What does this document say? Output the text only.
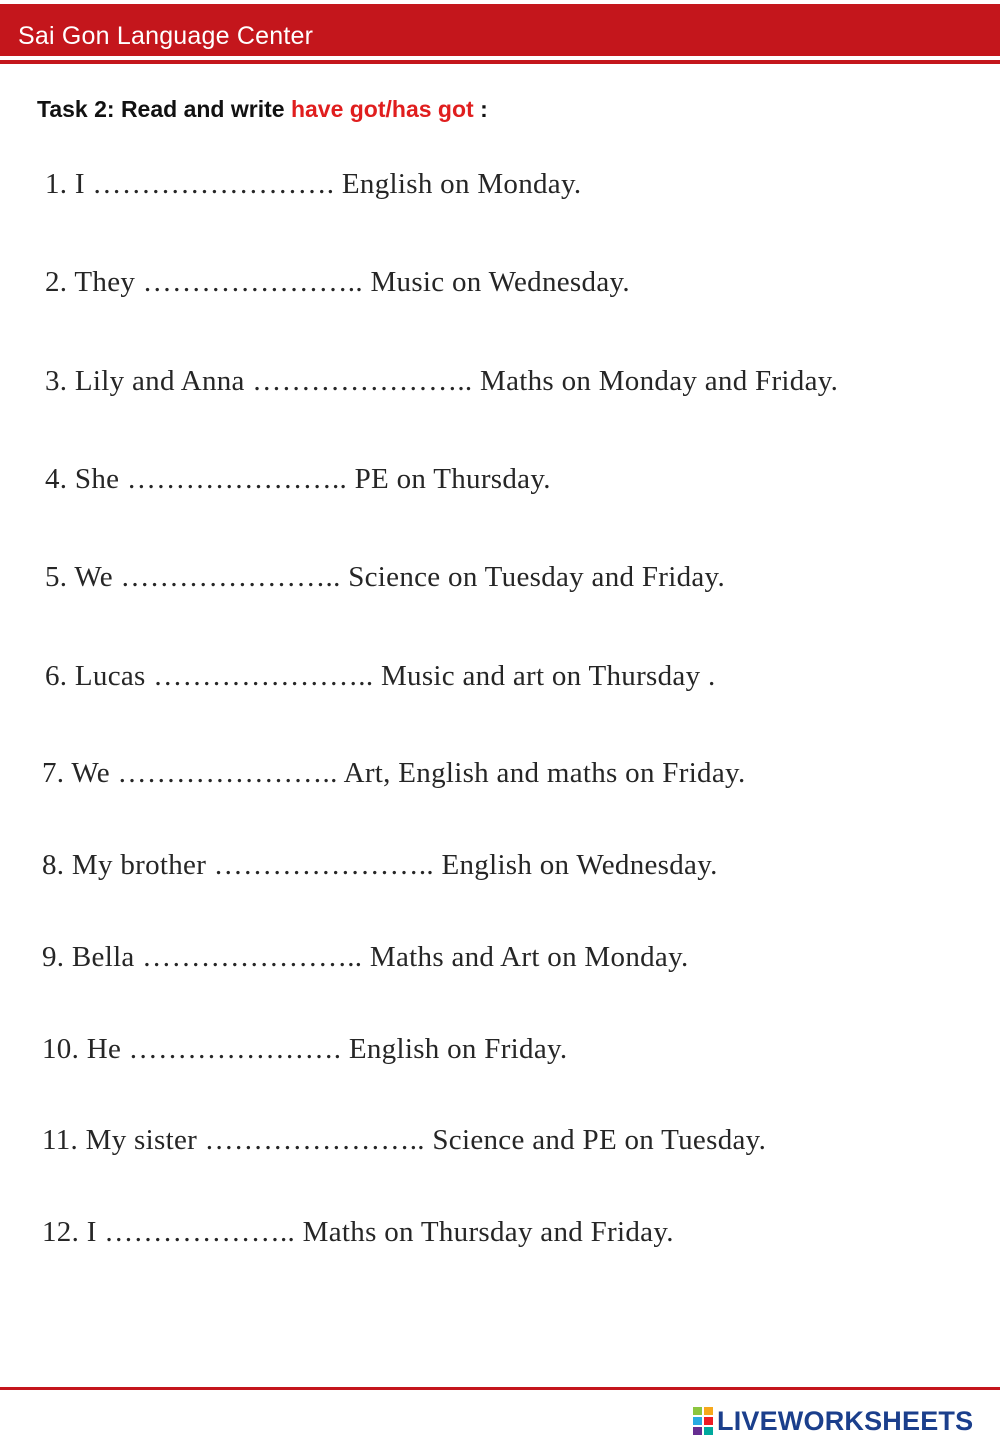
Sai Gon Language Center
Task 2: Read and write have got/has got :
1. I ……………………. English on Monday.
2. They ………………….. Music on Wednesday.
3. Lily and Anna ………………….. Maths on Monday and Friday.
4. She ………………….. PE on Thursday.
5. We ………………….. Science on Tuesday and Friday.
6. Lucas ………………….. Music and art on Thursday .
7. We ………………….. Art, English and maths on Friday.
8. My brother ………………….. English on Wednesday.
9. Bella ………………….. Maths and Art on Monday.
10. He …………………. English on Friday.
11. My sister ………………….. Science and PE on Tuesday.
12. I ……………….. Maths on Thursday and Friday.
LIVEWORKSHEETS
